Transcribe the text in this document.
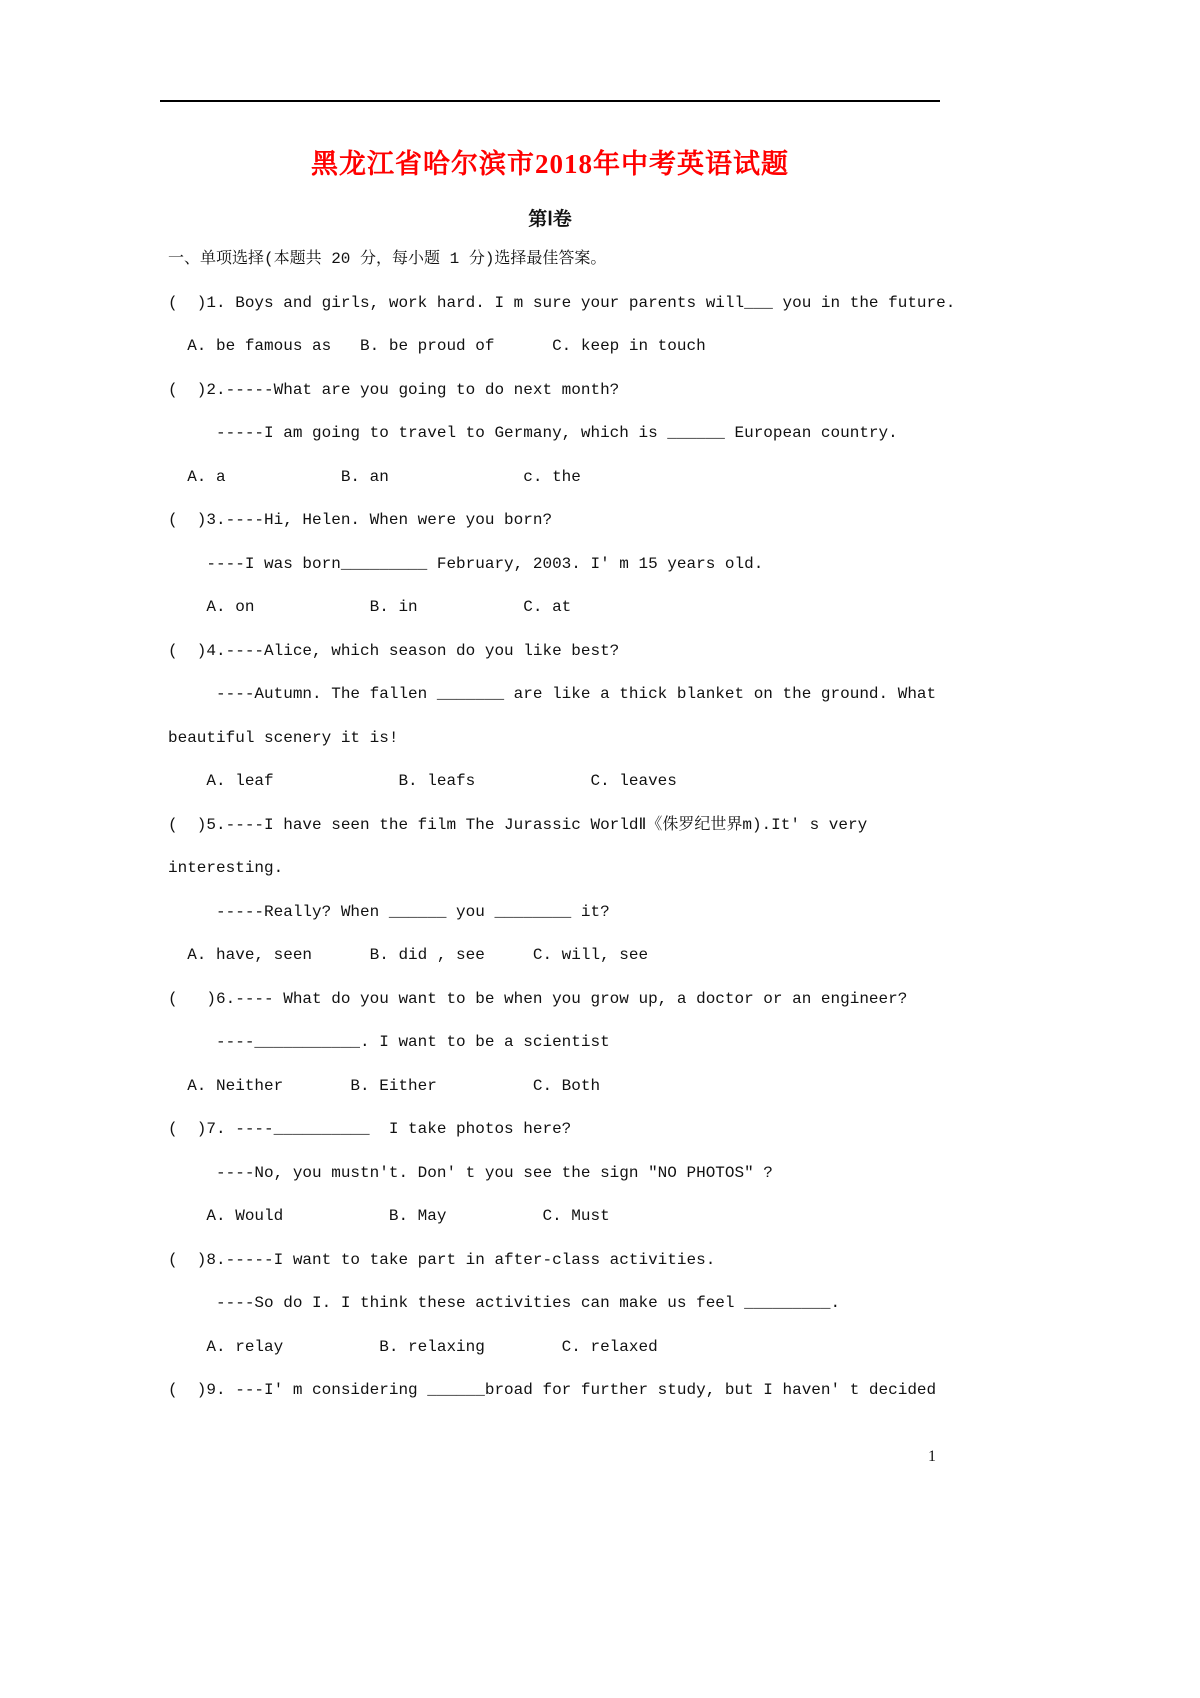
黑龙江省哈尔滨市2018年中考英语试题
第Ⅰ卷
一、单项选择(本题共 20 分，每小题 1 分)选择最佳答案。
(  )1. Boys and girls, work hard. I m sure your parents will___ you in the future.
A. be famous as   B. be proud of      C. keep in touch
(  )2.-----What are you going to do next month?
-----I am going to travel to Germany, which is ______ European country.
A. a            B. an              c. the
(  )3.----Hi, Helen. When were you born?
----I was born_________ February, 2003. I' m 15 years old.
A. on            B. in           C. at
(  )4.----Alice, which season do you like best?
----Autumn. The fallen _______ are like a thick blanket on the ground. What
beautiful scenery it is!
A. leaf             B. leafs            C. leaves
(  )5.----I have seen the film The Jurassic WorldⅡ《侏罗纪世界m).It' s very
interesting.
-----Really? When ______ you ________ it?
A. have, seen      B. did , see     C. will, see
(   )6.---- What do you want to be when you grow up, a doctor or an engineer?
----___________. I want to be a scientist
A. Neither       B. Either          C. Both
(  )7. ----__________  I take photos here?
----No, you mustn't. Don' t you see the sign "NO PHOTOS" ?
A. Would           B. May          C. Must
(  )8.-----I want to take part in after-class activities.
----So do I. I think these activities can make us feel _________.
A. relay          B. relaxing        C. relaxed
(  )9. ---I' m considering ______broad for further study, but I haven' t decided
1
